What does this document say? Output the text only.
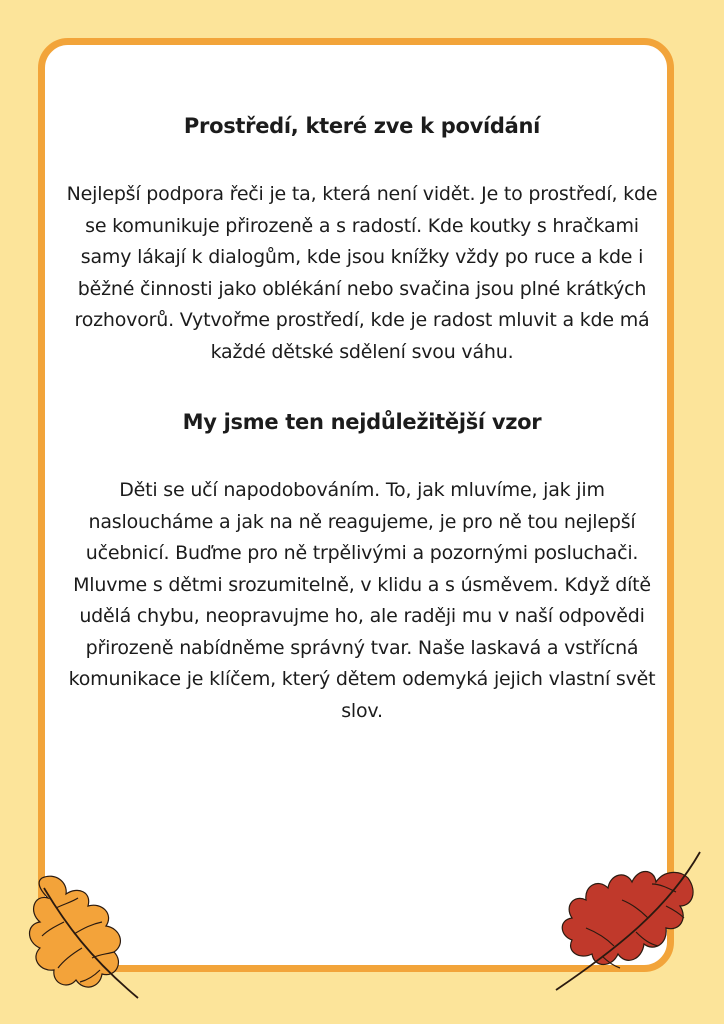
Prostředí, které zve k povídání

Nejlepší podpora řeči je ta, která není vidět. Je to prostředí, kde se komunikuje přirozeně a s radostí. Kde koutky s hračkami samy lákají k dialogům, kde jsou knížky vždy po ruce a kde i běžné činnosti jako oblékání nebo svačina jsou plné krátkých rozhovorů. Vytvořme prostředí, kde je radost mluvit a kde má každé dětské sdělení svou váhu.

My jsme ten nejdůležitější vzor

Děti se učí napodobováním. To, jak mluvíme, jak jim nasloucháme a jak na ně reagujeme, je pro ně tou nejlepší učebnicí. Buďme pro ně trpělivými a pozornými posluchači. Mluvme s dětmi srozumitelně, v klidu a s úsměvem. Když dítě udělá chybu, neopravujme ho, ale raději mu v naší odpovědi přirozeně nabídněme správný tvar. Naše laskavá a vstřícná komunikace je klíčem, který dětem odemyká jejich vlastní svět slov.
